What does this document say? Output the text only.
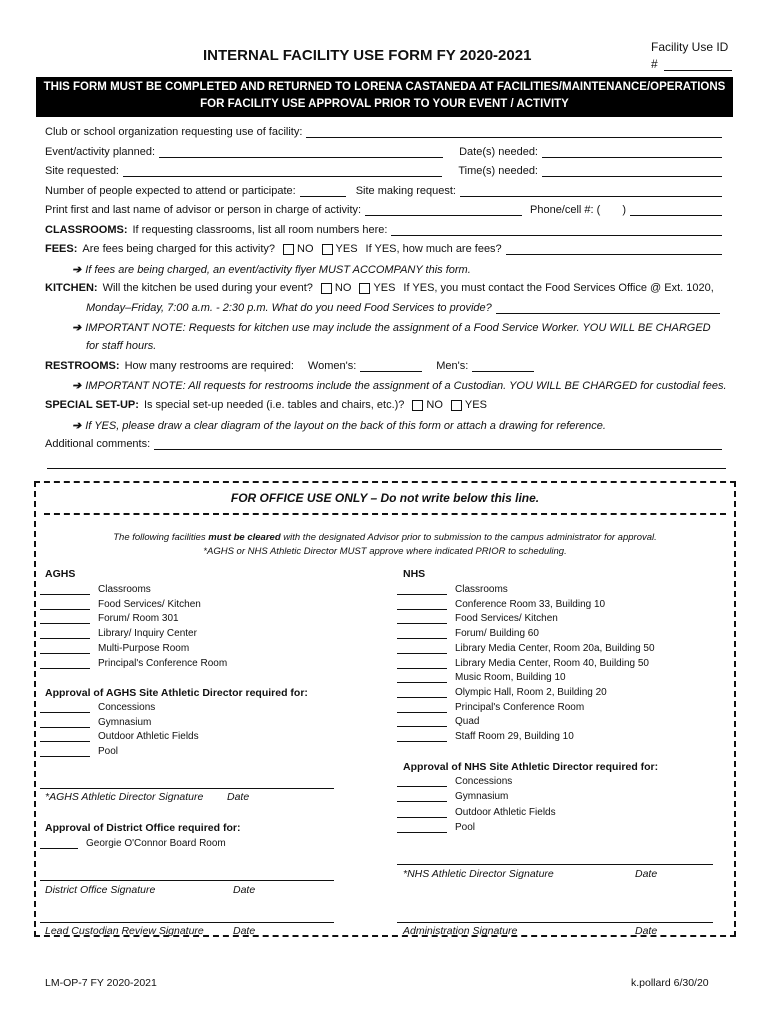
INTERNAL FACILITY USE FORM FY 2020-2021	Facility Use ID
#
THIS FORM MUST BE COMPLETED AND RETURNED TO LORENA CASTANEDA AT FACILITIES/MAINTENANCE/OPERATIONS
FOR FACILITY USE APPROVAL PRIOR TO YOUR EVENT / ACTIVITY
Club or school organization requesting use of facility:
Event/activity planned:	Date(s) needed:
Site requested:	Time(s) needed:
Number of people expected to attend or participate:	Site making request:
Print first and last name of advisor or person in charge of activity:	Phone/cell #: ( )
CLASSROOMS: If requesting classrooms, list all room numbers here:
FEES: Are fees being charged for this activity? NO YES If YES, how much are fees?
➔ If fees are being charged, an event/activity flyer MUST ACCOMPANY this form.
KITCHEN: Will the kitchen be used during your event? NO YES If YES, you must contact the Food Services Office @ Ext. 1020,
Monday–Friday, 7:00 a.m. - 2:30 p.m. What do you need Food Services to provide?
➔ IMPORTANT NOTE: Requests for kitchen use may include the assignment of a Food Service Worker. YOU WILL BE CHARGED
for staff hours.
RESTROOMS: How many restrooms are required: Women's:	Men's:
➔ IMPORTANT NOTE: All requests for restrooms include the assignment of a Custodian. YOU WILL BE CHARGED for custodial fees.
SPECIAL SET-UP: Is special set-up needed (i.e. tables and chairs, etc.)? NO YES
➔ If YES, please draw a clear diagram of the layout on the back of this form or attach a drawing for reference.
Additional comments:
FOR OFFICE USE ONLY – Do not write below this line.
The following facilities must be cleared with the designated Advisor prior to submission to the campus administrator for approval.
*AGHS or NHS Athletic Director MUST approve where indicated PRIOR to scheduling.
AGHS
Classrooms
Food Services/ Kitchen
Forum/ Room 301
Library/ Inquiry Center
Multi-Purpose Room
Principal's Conference Room
Approval of AGHS Site Athletic Director required for:
Concessions
Gymnasium
Outdoor Athletic Fields
Pool
*AGHS Athletic Director Signature Date
Approval of District Office required for:
Georgie O'Connor Board Room
District Office Signature	Date
Lead Custodian Review Signature	Date
NHS
Classrooms
Conference Room 33, Building 10
Food Services/ Kitchen
Forum/ Building 60
Library Media Center, Room 20a, Building 50
Library Media Center, Room 40, Building 50
Music Room, Building 10
Olympic Hall, Room 2, Building 20
Principal's Conference Room
Quad
Staff Room 29, Building 10
Approval of NHS Site Athletic Director required for:
Concessions
Gymnasium
Outdoor Athletic Fields
Pool
*NHS Athletic Director Signature	Date
Administration Signature	Date
LM-OP-7 FY 2020-2021	k.pollard 6/30/20
